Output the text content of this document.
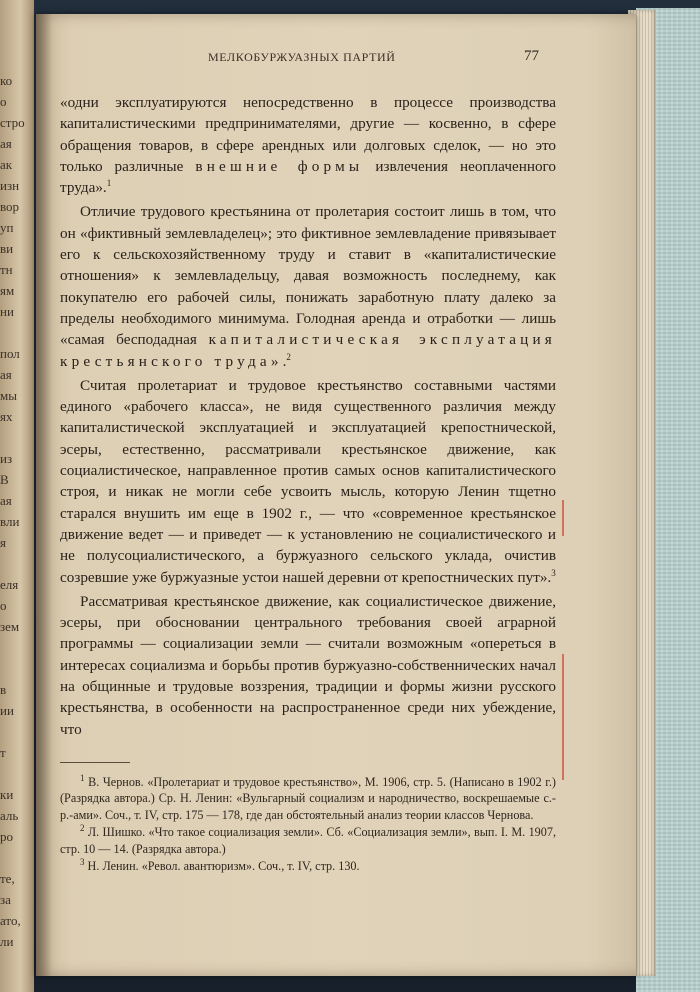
ко
о
стро
ая
ак
изн
вор
уп
ви
тн
ям
ни

пол
ая
мы
ях

из
В
ая
вли
я

еля
о
зем

в
ии

т

ки
аль
ро

те,
за
ато,
ли

МЕЛКОБУРЖУАЗНЫХ ПАРТИЙ	77

«одни эксплуатируются непосредственно в процессе производства капиталистическими предпринимателями, другие — косвенно, в сфере обращения товаров, в сфере арендных или долговых сделок, — но это только различные внешние формы извлечения неоплаченного труда».$^1$

Отличие трудового крестьянина от пролетария состоит лишь в том, что он «фиктивный землевладелец»; это фиктивное землевладение привязывает его к сельскохозяйственному труду и ставит в «капиталистические отношения» к землевладельцу, давая возможность последнему, как покупателю его рабочей силы, понижать заработную плату далеко за пределы необходимого минимума. Голодная аренда и отработки — лишь «самая бесподадная капиталистическая эксплуатация крестьянского труда».$^2$

Считая пролетариат и трудовое крестьянство составными частями единого «рабочего класса», не видя существенного различия между капиталистической эксплуатацией и эксплуатацией крепостнической, эсеры, естественно, рассматривали крестьянское движение, как социалистическое, направленное против самых основ капиталистического строя, и никак не могли себе усвоить мысль, которую Ленин тщетно старался внушить им еще в 1902 г., — что «современное крестьянское движение ведет — и приведет — к установлению не социалистического и не полусоциалистического, а буржуазного сельского уклада, очистив созревшие уже буржуазные устои нашей деревни от крепостнических пут».$^3$

Рассматривая крестьянское движение, как социалистическое движение, эсеры, при обосновании центрального требования своей аграрной программы — социализации земли — считали возможным «опереться в интересах социализма и борьбы против буржуазно-собственнических начал на общинные и трудовые воззрения, традиции и формы жизни русского крестьянства, в особенности на распространенное среди них убеждение, что

$^1$ В. Чернов. «Пролетариат и трудовое крестьянство», М. 1906, стр. 5. (Написано в 1902 г.) (Разрядка автора.) Ср. Н. Ленин: «Вульгарный социализм и народничество, воскрешаемые с.-р.-ами». Соч., т. IV, стр. 175 — 178, где дан обстоятельный анализ теории классов Чернова.

$^2$ Л. Шишко. «Что такое социализация земли». Сб. «Социализация земли», вып. I. М. 1907, стр. 10 — 14. (Разрядка автора.)

$^3$ Н. Ленин. «Револ. авантюризм». Соч., т. IV, стр. 130.
